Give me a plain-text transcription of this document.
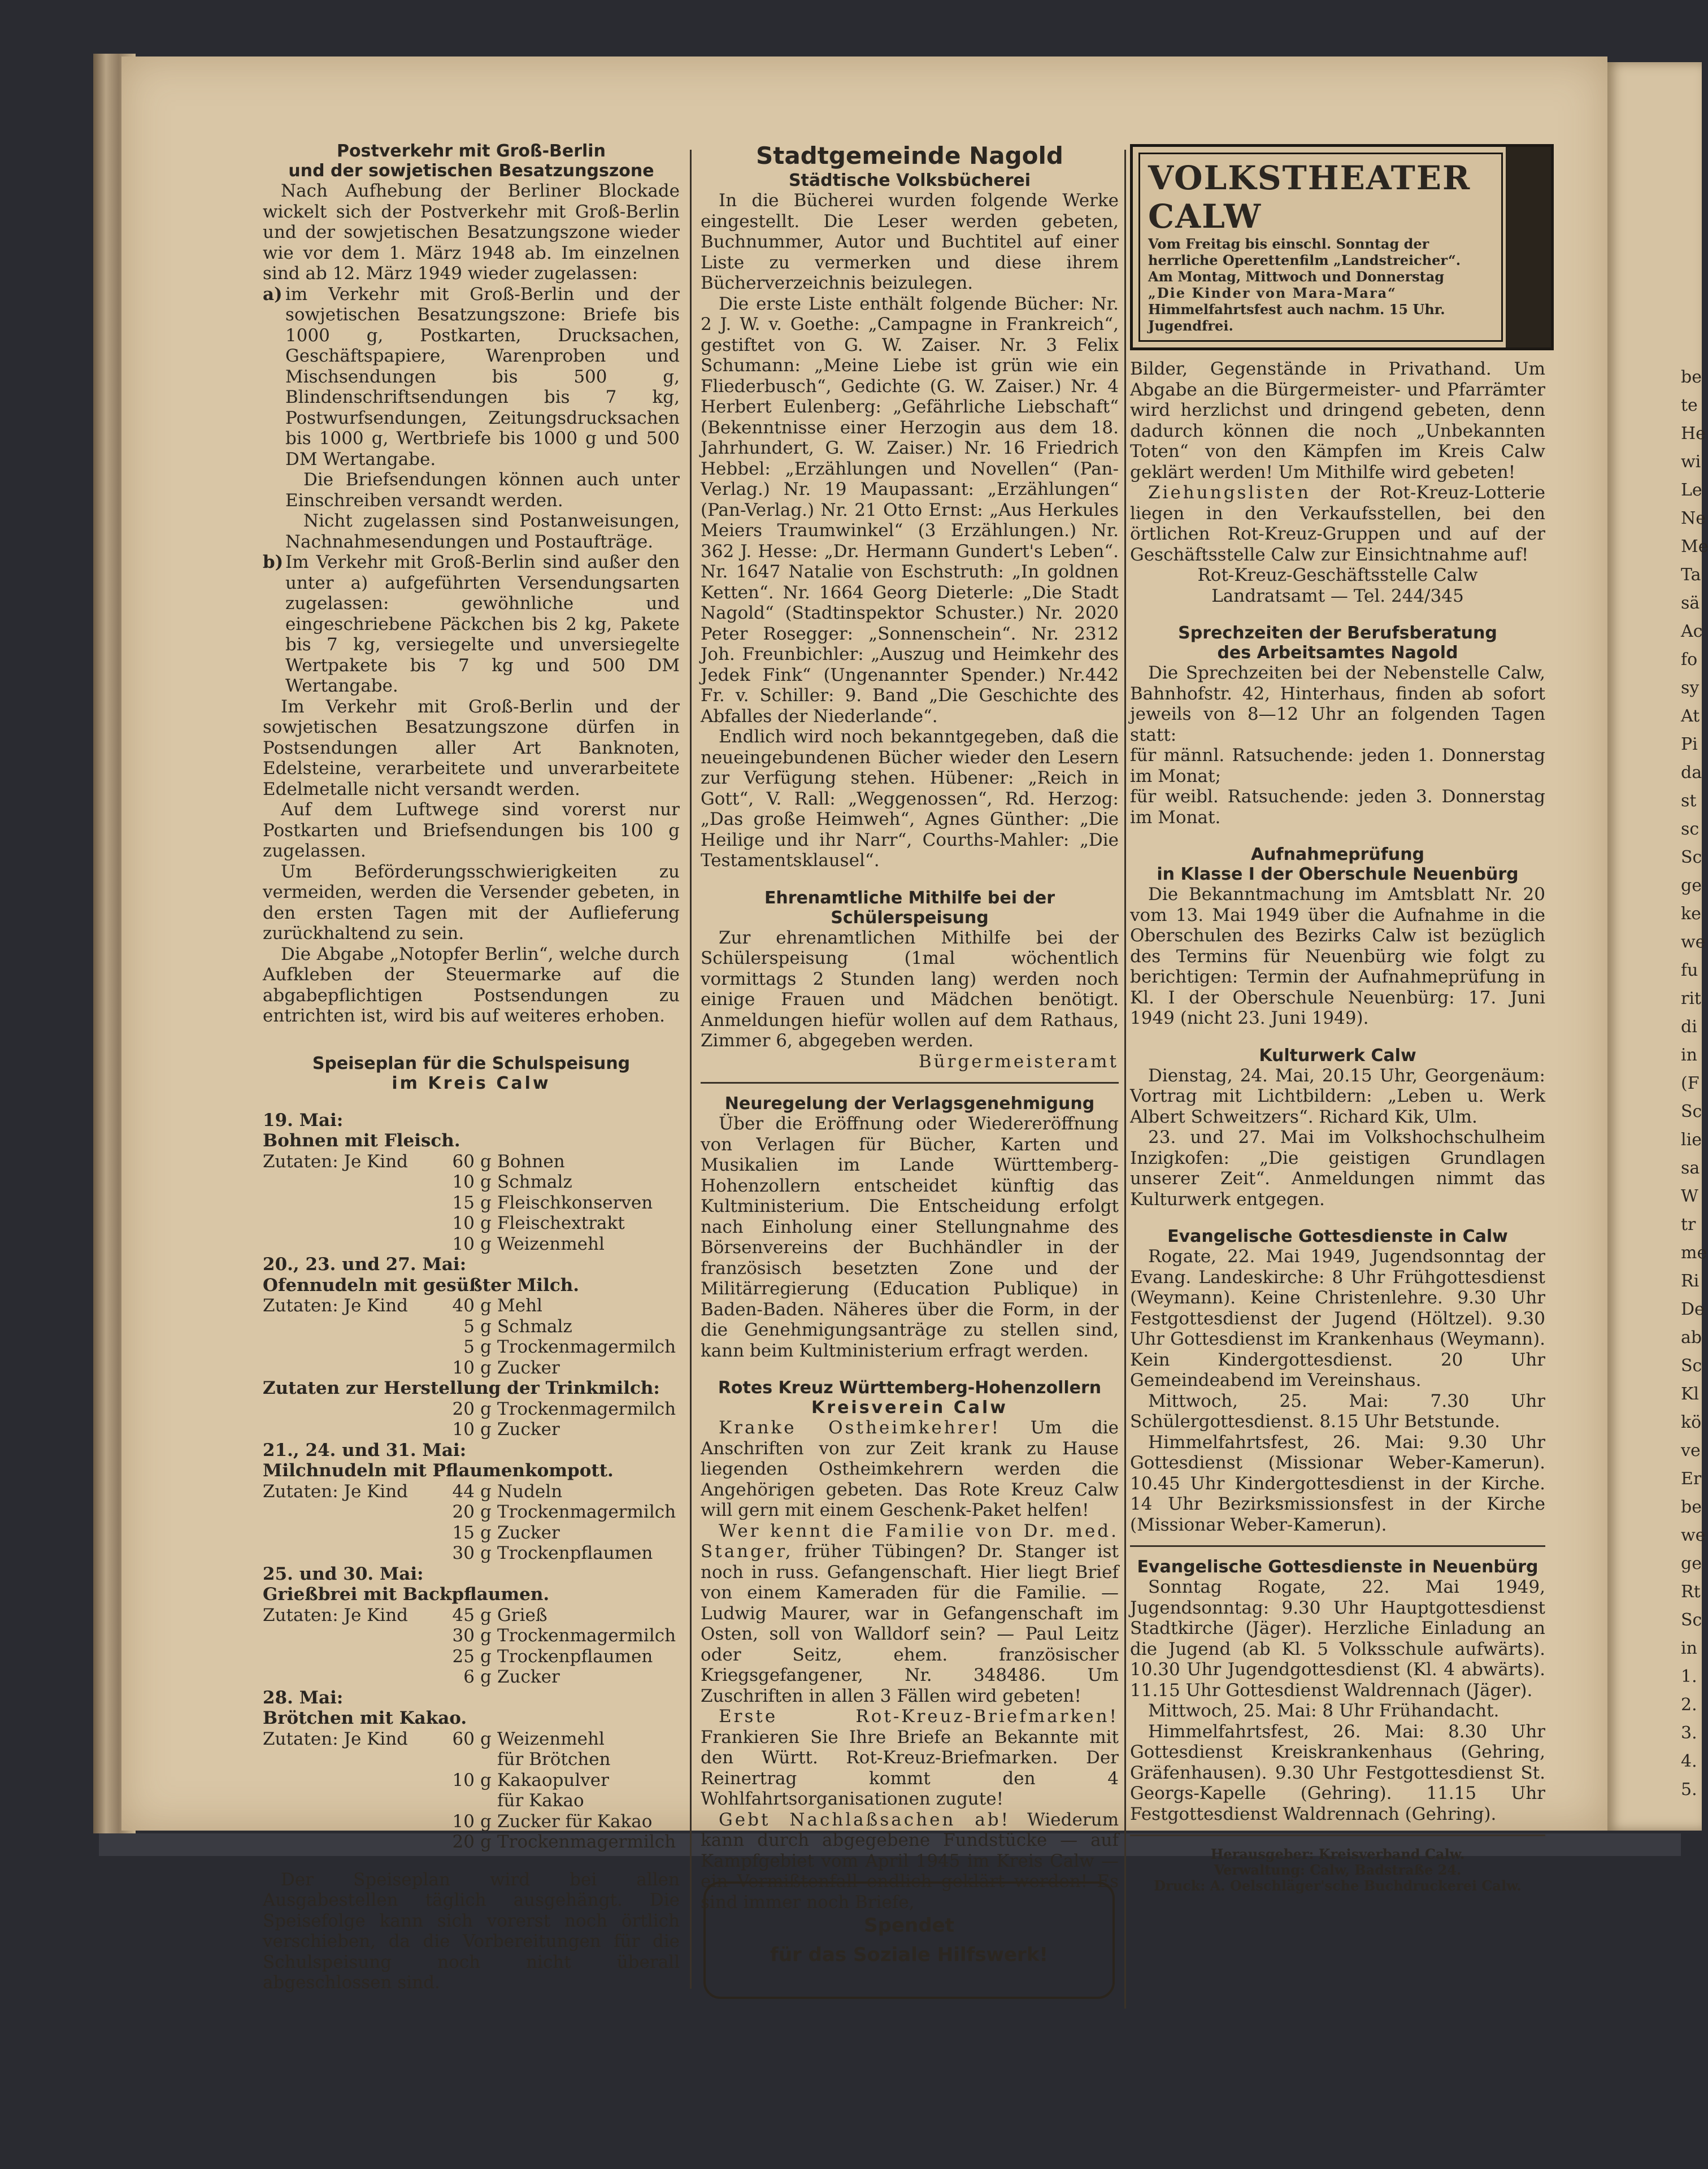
Postverkehr mit Groß-Berlin
und der sowjetischen Besatzungszone

Nach Aufhebung der Berliner Blockade wickelt sich der Postverkehr mit Groß-Berlin und der sowjetischen Besatzungszone wieder wie vor dem 1. März 1948 ab. Im einzelnen sind ab 12. März 1949 wieder zugelassen:

a) im Verkehr mit Groß-Berlin und der sowjetischen Besatzungszone: Briefe bis 1000 g, Postkarten, Drucksachen, Geschäftspapiere, Warenproben und Mischsendungen bis 500 g, Blindenschriftsendungen bis 7 kg, Postwurfsendungen, Zeitungsdrucksachen bis 1000 g, Wertbriefe bis 1000 g und 500 DM Wertangabe.

Die Briefsendungen können auch unter Einschreiben versandt werden.

Nicht zugelassen sind Postanweisungen, Nachnahmesendungen und Postaufträge.

b) Im Verkehr mit Groß-Berlin sind außer den unter a) aufgeführten Versendungsarten zugelassen: gewöhnliche und eingeschriebene Päckchen bis 2 kg, Pakete bis 7 kg, versiegelte und unversiegelte Wertpakete bis 7 kg und 500 DM Wertangabe.

Im Verkehr mit Groß-Berlin und der sowjetischen Besatzungszone dürfen in Postsendungen aller Art Banknoten, Edelsteine, verarbeitete und unverarbeitete Edelmetalle nicht versandt werden.

Auf dem Luftwege sind vorerst nur Postkarten und Briefsendungen bis 100 g zugelassen.

Um Beförderungsschwierigkeiten zu vermeiden, werden die Versender gebeten, in den ersten Tagen mit der Auflieferung zurückhaltend zu sein.

Die Abgabe „Notopfer Berlin“, welche durch Aufkleben der Steuermarke auf die abgabepflichtigen Postsendungen zu entrichten ist, wird bis auf weiteres erhoben.

Speiseplan für die Schulspeisung
im Kreis Calw

19. Mai:

Bohnen mit Fleisch.

Zutaten: Je Kind	60 g Bohnen
10 g Schmalz
15 g Fleischkonserven
10 g Fleischextrakt
10 g Weizenmehl

20., 23. und 27. Mai:

Ofennudeln mit gesüßter Milch.

Zutaten: Je Kind	40 g Mehl
5 g Schmalz
5 g Trockenmagermilch
10 g Zucker

Zutaten zur Herstellung der Trinkmilch:

20 g Trockenmagermilch
10 g Zucker

21., 24. und 31. Mai:

Milchnudeln mit Pflaumenkompott.

Zutaten: Je Kind	44 g Nudeln
20 g Trockenmagermilch
15 g Zucker
30 g Trockenpflaumen

25. und 30. Mai:

Grießbrei mit Backpflaumen.

Zutaten: Je Kind	45 g Grieß
30 g Trockenmagermilch
25 g Trockenpflaumen
6 g Zucker

28. Mai:

Brötchen mit Kakao.

Zutaten: Je Kind	60 g Weizenmehl
für Brötchen
10 g Kakaopulver
für Kakao
10 g Zucker für Kakao
20 g Trockenmagermilch

Der Speiseplan wird bei allen Ausgabestellen täglich ausgehängt. Die Speisefolge kann sich vorerst noch örtlich verschieben, da die Vorbereitungen für die Schulspeisung noch nicht überall abgeschlossen sind.

Stadtgemeinde Nagold
Städtische Volksbücherei

In die Bücherei wurden folgende Werke eingestellt. Die Leser werden gebeten, Buchnummer, Autor und Buchtitel auf einer Liste zu vermerken und diese ihrem Bücherverzeichnis beizulegen.

Die erste Liste enthält folgende Bücher: Nr. 2 J. W. v. Goethe: „Campagne in Frankreich“, gestiftet von G. W. Zaiser. Nr. 3 Felix Schumann: „Meine Liebe ist grün wie ein Fliederbusch“, Gedichte (G. W. Zaiser.) Nr. 4 Herbert Eulenberg: „Gefährliche Liebschaft“ (Bekenntnisse einer Herzogin aus dem 18. Jahrhundert, G. W. Zaiser.) Nr. 16 Friedrich Hebbel: „Erzählungen und Novellen“ (Pan-Verlag.) Nr. 19 Maupassant: „Erzählungen“ (Pan-Verlag.) Nr. 21 Otto Ernst: „Aus Herkules Meiers Traumwinkel“ (3 Erzählungen.) Nr. 362 J. Hesse: „Dr. Hermann Gundert's Leben“. Nr. 1647 Natalie von Eschstruth: „In goldnen Ketten“. Nr. 1664 Georg Dieterle: „Die Stadt Nagold“ (Stadtinspektor Schuster.) Nr. 2020 Peter Rosegger: „Sonnenschein“. Nr. 2312 Joh. Freunbichler: „Auszug und Heimkehr des Jedek Fink“ (Ungenannter Spender.) Nr.442 Fr. v. Schiller: 9. Band „Die Geschichte des Abfalles der Niederlande“.

Endlich wird noch bekanntgegeben, daß die neueingebundenen Bücher wieder den Lesern zur Verfügung stehen. Hübener: „Reich in Gott“, V. Rall: „Weggenossen“, Rd. Herzog: „Das große Heimweh“, Agnes Günther: „Die Heilige und ihr Narr“, Courths-Mahler: „Die Testamentsklausel“.

Ehrenamtliche Mithilfe bei der Schülerspeisung

Zur ehrenamtlichen Mithilfe bei der Schülerspeisung (1mal wöchentlich vormittags 2 Stunden lang) werden noch einige Frauen und Mädchen benötigt. Anmeldungen hiefür wollen auf dem Rathaus, Zimmer 6, abgegeben werden.

Bürgermeisteramt

Neuregelung der Verlagsgenehmigung

Über die Eröffnung oder Wiedereröffnung von Verlagen für Bücher, Karten und Musikalien im Lande Württemberg-Hohenzollern entscheidet künftig das Kultministerium. Die Entscheidung erfolgt nach Einholung einer Stellungnahme des Börsenvereins der Buchhändler in der französisch besetzten Zone und der Militärregierung (Education Publique) in Baden-Baden. Näheres über die Form, in der die Genehmigungsanträge zu stellen sind, kann beim Kultministerium erfragt werden.

Rotes Kreuz Württemberg-Hohenzollern
Kreisverein Calw

Kranke Ostheimkehrer! Um die Anschriften von zur Zeit krank zu Hause liegenden Ostheimkehrern werden die Angehörigen gebeten. Das Rote Kreuz Calw will gern mit einem Geschenk-Paket helfen!

Wer kennt die Familie von Dr. med. Stanger, früher Tübingen? Dr. Stanger ist noch in russ. Gefangenschaft. Hier liegt Brief von einem Kameraden für die Familie. — Ludwig Maurer, war in Gefangenschaft im Osten, soll von Walldorf sein? — Paul Leitz oder Seitz, ehem. französischer Kriegsgefangener, Nr. 348486. Um Zuschriften in allen 3 Fällen wird gebeten!

Erste Rot-Kreuz-Briefmarken! Frankieren Sie Ihre Briefe an Bekannte mit den Württ. Rot-Kreuz-Briefmarken. Der Reinertrag kommt den 4 Wohlfahrtsorganisationen zugute!

Gebt Nachlaßsachen ab! Wiederum kann durch abgegebene Fundstücke — auf Kampfgebiet vom April 1945 im Kreis Calw — ein Vermißtenfall endlich geklärt werden! Es sind immer noch Briefe,

Spendet
für das Soziale Hilfswerk!
VOLKSTHEATER CALW
Vom Freitag bis einschl. Sonntag der herrliche Operettenfilm „Landstreicher“.
Am Montag, Mittwoch und Donnerstag
„Die Kinder von Mara-Mara“
Himmelfahrtsfest auch nachm. 15 Uhr.
Jugendfrei.

Bilder, Gegenstände in Privathand. Um Abgabe an die Bürgermeister- und Pfarrämter wird herzlichst und dringend gebeten, denn dadurch können die noch „Unbekannten Toten“ von den Kämpfen im Kreis Calw geklärt werden! Um Mithilfe wird gebeten!

Ziehungslisten der Rot-Kreuz-Lotterie liegen in den Verkaufsstellen, bei den örtlichen Rot-Kreuz-Gruppen und auf der Geschäftsstelle Calw zur Einsichtnahme auf!

Rot-Kreuz-Geschäftsstelle Calw

Landratsamt — Tel. 244/345

Sprechzeiten der Berufsberatung
des Arbeitsamtes Nagold

Die Sprechzeiten bei der Nebenstelle Calw, Bahnhofstr. 42, Hinterhaus, finden ab sofort jeweils von 8—12 Uhr an folgenden Tagen statt:

für männl. Ratsuchende: jeden 1. Donnerstag im Monat;

für weibl. Ratsuchende: jeden 3. Donnerstag im Monat.

Aufnahmeprüfung
in Klasse I der Oberschule Neuenbürg

Die Bekanntmachung im Amtsblatt Nr. 20 vom 13. Mai 1949 über die Aufnahme in die Oberschulen des Bezirks Calw ist bezüglich des Termins für Neuenbürg wie folgt zu berichtigen: Termin der Aufnahmeprüfung in Kl. I der Oberschule Neuenbürg: 17. Juni 1949 (nicht 23. Juni 1949).

Kulturwerk Calw

Dienstag, 24. Mai, 20.15 Uhr, Georgenäum: Vortrag mit Lichtbildern: „Leben u. Werk Albert Schweitzers“. Richard Kik, Ulm.

23. und 27. Mai im Volkshochschulheim Inzigkofen: „Die geistigen Grundlagen unserer Zeit“. Anmeldungen nimmt das Kulturwerk entgegen.

Evangelische Gottesdienste in Calw

Rogate, 22. Mai 1949, Jugendsonntag der Evang. Landeskirche: 8 Uhr Frühgottesdienst (Weymann). Keine Christenlehre. 9.30 Uhr Festgottesdienst der Jugend (Höltzel). 9.30 Uhr Gottesdienst im Krankenhaus (Weymann). Kein Kindergottesdienst. 20 Uhr Gemeindeabend im Vereinshaus.

Mittwoch, 25. Mai: 7.30 Uhr Schülergottesdienst. 8.15 Uhr Betstunde.

Himmelfahrtsfest, 26. Mai: 9.30 Uhr Gottesdienst (Missionar Weber-Kamerun). 10.45 Uhr Kindergottesdienst in der Kirche. 14 Uhr Bezirksmissionsfest in der Kirche (Missionar Weber-Kamerun).

Evangelische Gottesdienste in Neuenbürg

Sonntag Rogate, 22. Mai 1949, Jugendsonntag: 9.30 Uhr Hauptgottesdienst Stadtkirche (Jäger). Herzliche Einladung an die Jugend (ab Kl. 5 Volksschule aufwärts). 10.30 Uhr Jugendgottesdienst (Kl. 4 abwärts). 11.15 Uhr Gottesdienst Waldrennach (Jäger).

Mittwoch, 25. Mai: 8 Uhr Frühandacht.

Himmelfahrtsfest, 26. Mai: 8.30 Uhr Gottesdienst Kreiskrankenhaus (Gehring, Gräfenhausen). 9.30 Uhr Festgottesdienst St. Georgs-Kapelle (Gehring). 11.15 Uhr Festgottesdienst Waldrennach (Gehring).

Herausgeber: Kreisverband Calw.

Verwaltung: Calw, Badstraße 24.

Druck: A. Oelschläger'sche Buchdruckerei Calw.

be
te
He
wi
Le
Ne
Me
Ta
sä
Ac
fo
sy
At
Pi
da
st
sc
Sc
ge
ke
we
fu
rit
di
in
(F
Sc
lie
sa
W
tr
me
Ri
De
ab
Sc
Kl
kö
ve
Er
be
we
ge
Rt
Sc
in
1.
2.
3.
4.
5.
